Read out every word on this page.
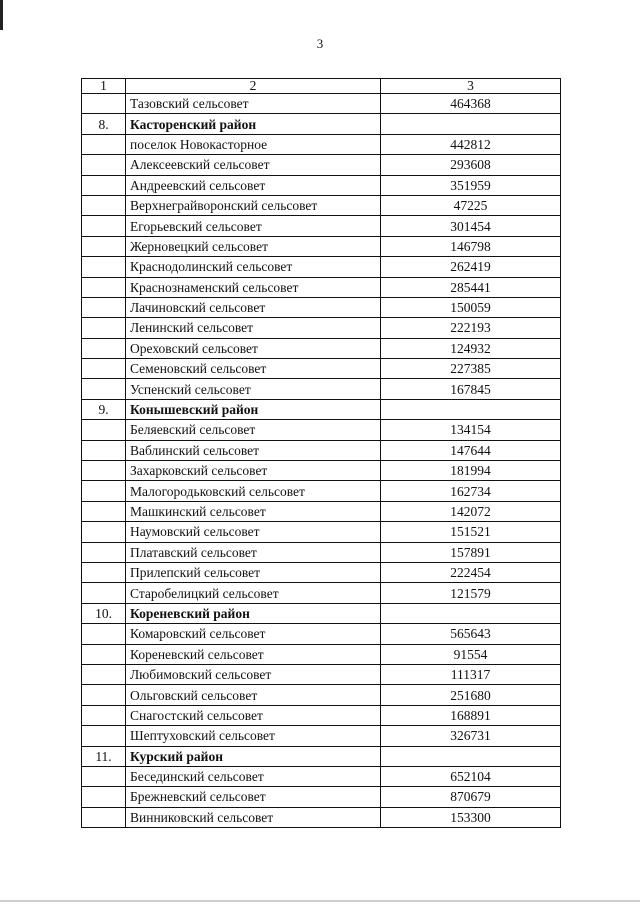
3
1	2	3
	Тазовский сельсовет	464368
8.	Касторенский район	
	поселок Новокасторное	442812
	Алексеевский сельсовет	293608
	Андреевский сельсовет	351959
	Верхнеграйворонский сельсовет	47225
	Егорьевский сельсовет	301454
	Жерновецкий сельсовет	146798
	Краснодолинский сельсовет	262419
	Краснознаменский сельсовет	285441
	Лачиновский сельсовет	150059
	Ленинский сельсовет	222193
	Ореховский сельсовет	124932
	Семеновский сельсовет	227385
	Успенский сельсовет	167845
9.	Конышевский район	
	Беляевский сельсовет	134154
	Ваблинский сельсовет	147644
	Захарковский сельсовет	181994
	Малогородьковский сельсовет	162734
	Машкинский сельсовет	142072
	Наумовский сельсовет	151521
	Платавский сельсовет	157891
	Прилепский сельсовет	222454
	Старобелицкий сельсовет	121579
10.	Кореневский район	
	Комаровский сельсовет	565643
	Кореневский сельсовет	91554
	Любимовский сельсовет	111317
	Ольговский сельсовет	251680
	Снагостский сельсовет	168891
	Шептуховский сельсовет	326731
11.	Курский район	
	Бесединский сельсовет	652104
	Брежневский сельсовет	870679
	Винниковский сельсовет	153300
